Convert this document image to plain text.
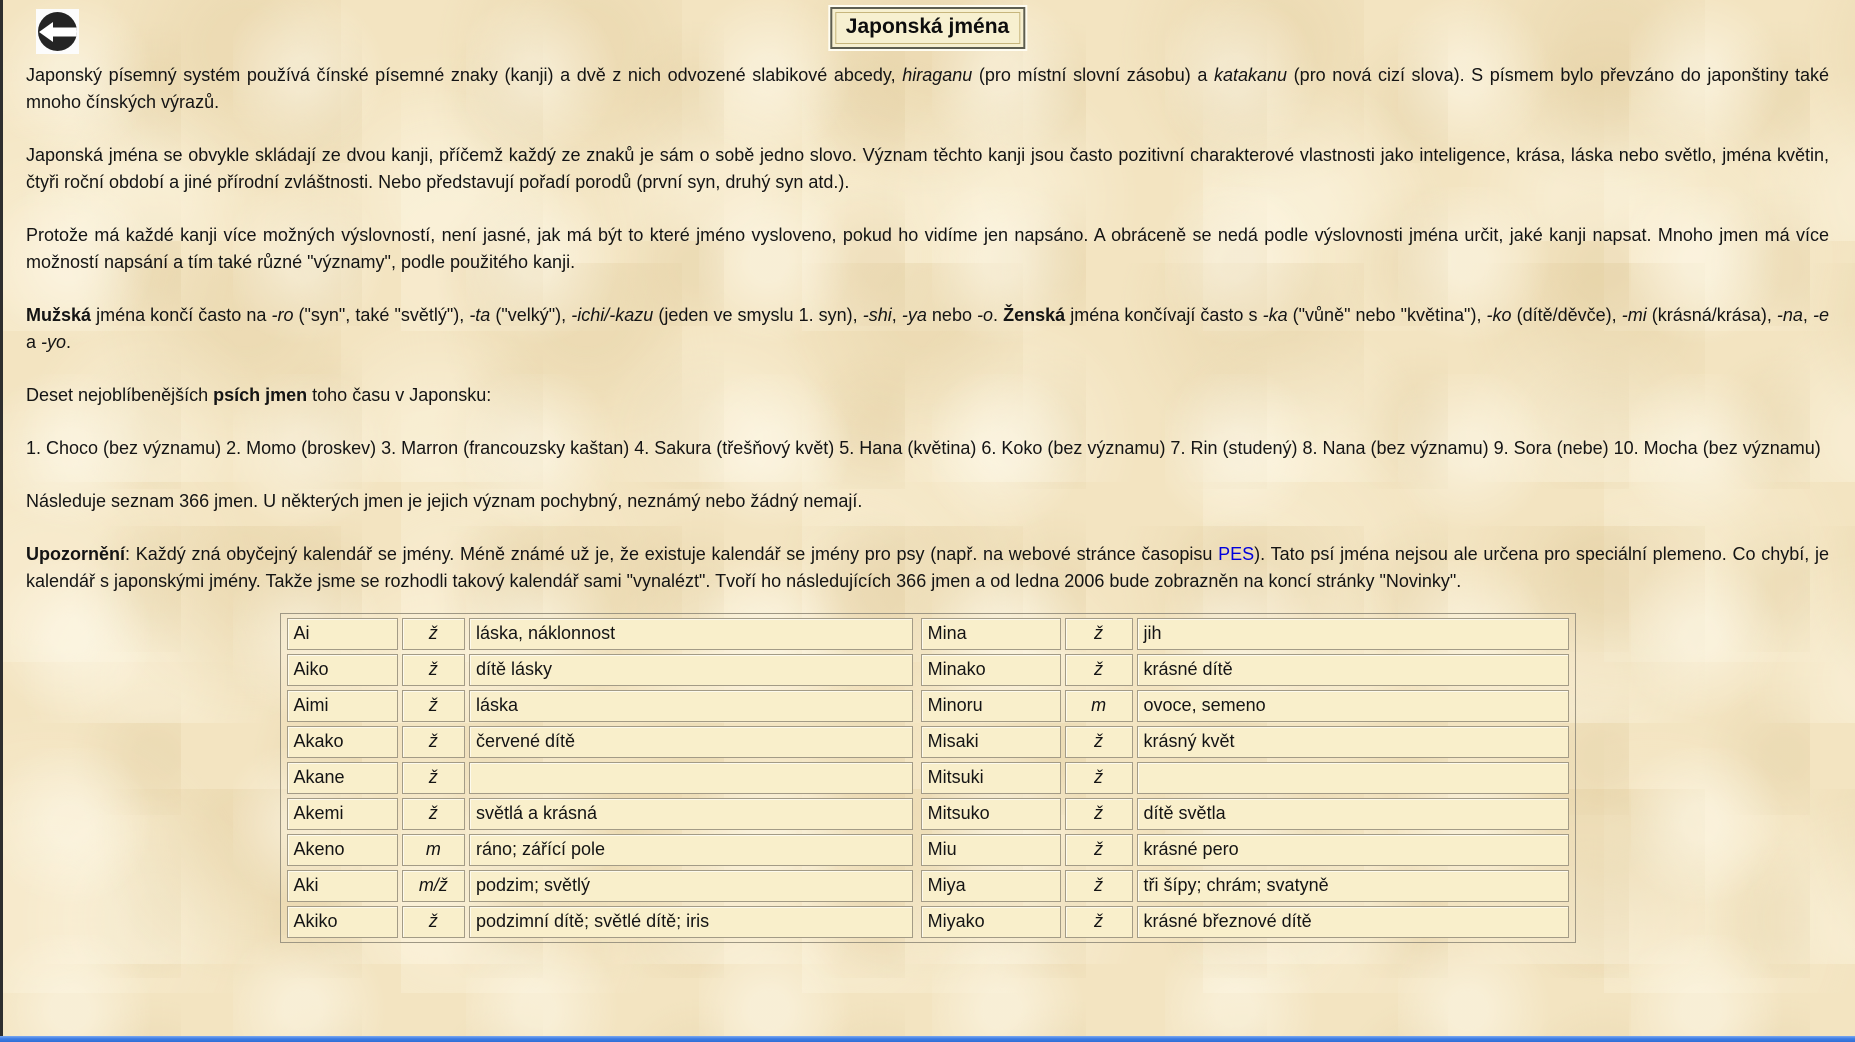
Japonská jména

Japonský písemný systém používá čínské písemné znaky (kanji) a dvě z nich odvozené slabikové abcedy, hiraganu (pro místní slovní zásobu) a katakanu (pro nová cizí slova). S písmem bylo převzáno do japonštiny také mnoho čínských výrazů.

Japonská jména se obvykle skládají ze dvou kanji, příčemž každý ze znaků je sám o sobě jedno slovo. Význam těchto kanji jsou často pozitivní charakterové vlastnosti jako inteligence, krása, láska nebo světlo, jména květin, čtyři roční období a jiné přírodní zvláštnosti. Nebo představují pořadí porodů (první syn, druhý syn atd.).

Protože má každé kanji více možných výslovností, není jasné, jak má být to které jméno vysloveno, pokud ho vidíme jen napsáno. A obráceně se nedá podle výslovnosti jména určit, jaké kanji napsat. Mnoho jmen má více možností napsání a tím také různé "významy", podle použitého kanji.

Mužská jména končí často na -ro ("syn", také "světlý"), -ta ("velký"), -ichi/-kazu (jeden ve smyslu 1. syn), -shi, -ya nebo -o. Ženská jména končívají často s -ka ("vůně" nebo "květina"), -ko (dítě/děvče), -mi (krásná/krása), -na, -e a -yo.

Deset nejoblíbenějších psích jmen toho času v Japonsku:

1. Choco (bez významu) 2. Momo (broskev) 3. Marron (francouzsky kaštan) 4. Sakura (třešňový květ) 5. Hana (květina) 6. Koko (bez významu) 7. Rin (studený) 8. Nana (bez významu) 9. Sora (nebe) 10. Mocha (bez významu)

Následuje seznam 366 jmen. U některých jmen je jejich význam pochybný, neznámý nebo žádný nemají.

Upozornění: Každý zná obyčejný kalendář se jmény. Méně známé už je, že existuje kalendář se jmény pro psy (např. na webové stránce časopisu PES). Tato psí jména nejsou ale určena pro speciální plemeno. Co chybí, je kalendář s japonskými jmény. Takže jsme se rozhodli takový kalendář sami "vynalézt". Tvoří ho následujících 366 jmen a od ledna 2006 bude zobrazněn na koncí stránky "Novinky".

Ai	ž	láska, náklonnost
Aiko	ž	dítě lásky
Aimi	ž	láska
Akako	ž	červené dítě
Akane	ž	
Akemi	ž	světlá a krásná
Akeno	m	ráno; zářící pole
Aki	m/ž	podzim; světlý
Akiko	ž	podzimní dítě; světlé dítě; iris
Mina	ž	jih
Minako	ž	krásné dítě
Minoru	m	ovoce, semeno
Misaki	ž	krásný květ
Mitsuki	ž	
Mitsuko	ž	dítě světla
Miu	ž	krásné pero
Miya	ž	tři šípy; chrám; svatyně
Miyako	ž	krásné březnové dítě
